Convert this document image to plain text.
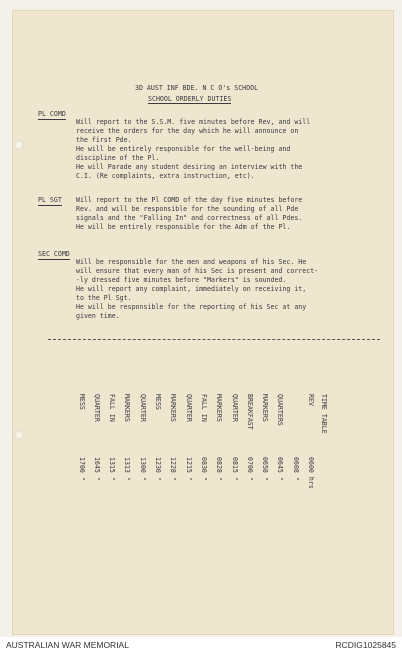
3D AUST INF BDE. N C O's SCHOOL
SCHOOL ORDERLY DUTIES
PL COMD
Will report to the S.S.M. five minutes before Rev, and will
receive the orders for the day which he will announce on
the first Pde.
He will be entirely responsible for the well-being and
discipline of the Pl.
He will Parade any student desiring an interview with the
C.I. (Re complaints, extra instruction, etc).
PL SGT Will report to the Pl COMD of the day five minutes before
Rev. and will be responsible for the sounding of all Pde
signals and the "Falling In" and correctness of all Pdes.
He will be entirely responsible for the Adm of the Pl.
SEC COMD
Will be responsible for the men and weapons of his Sec. He
will ensure that every man of his Sec is present and correct-
-ly dressed five minutes before "Markers" is sounded.
He will report any complaint, immediately on receiving it,
to the Pl Sgt.
He will be responsible for the reporting of his Sec at any
given time.
TIME TABLE
REV
0600 hrs
0608 "
QUARTERS
0645 "
MARKERS
0658 "
BREAKFAST
0700 "
QUARTER
0815 "
MARKERS
0828 "
FALL IN
0830 "
QUARTER
1215 "
MARKERS
1228 "
MESS
1230 "
QUARTER
1300 "
MARKERS
1313 "
FALL IN
1315 "
QUARTER
1645 "
MESS
1700 "
AUSTRALIAN WAR MEMORIAL	RCDIG1025845
